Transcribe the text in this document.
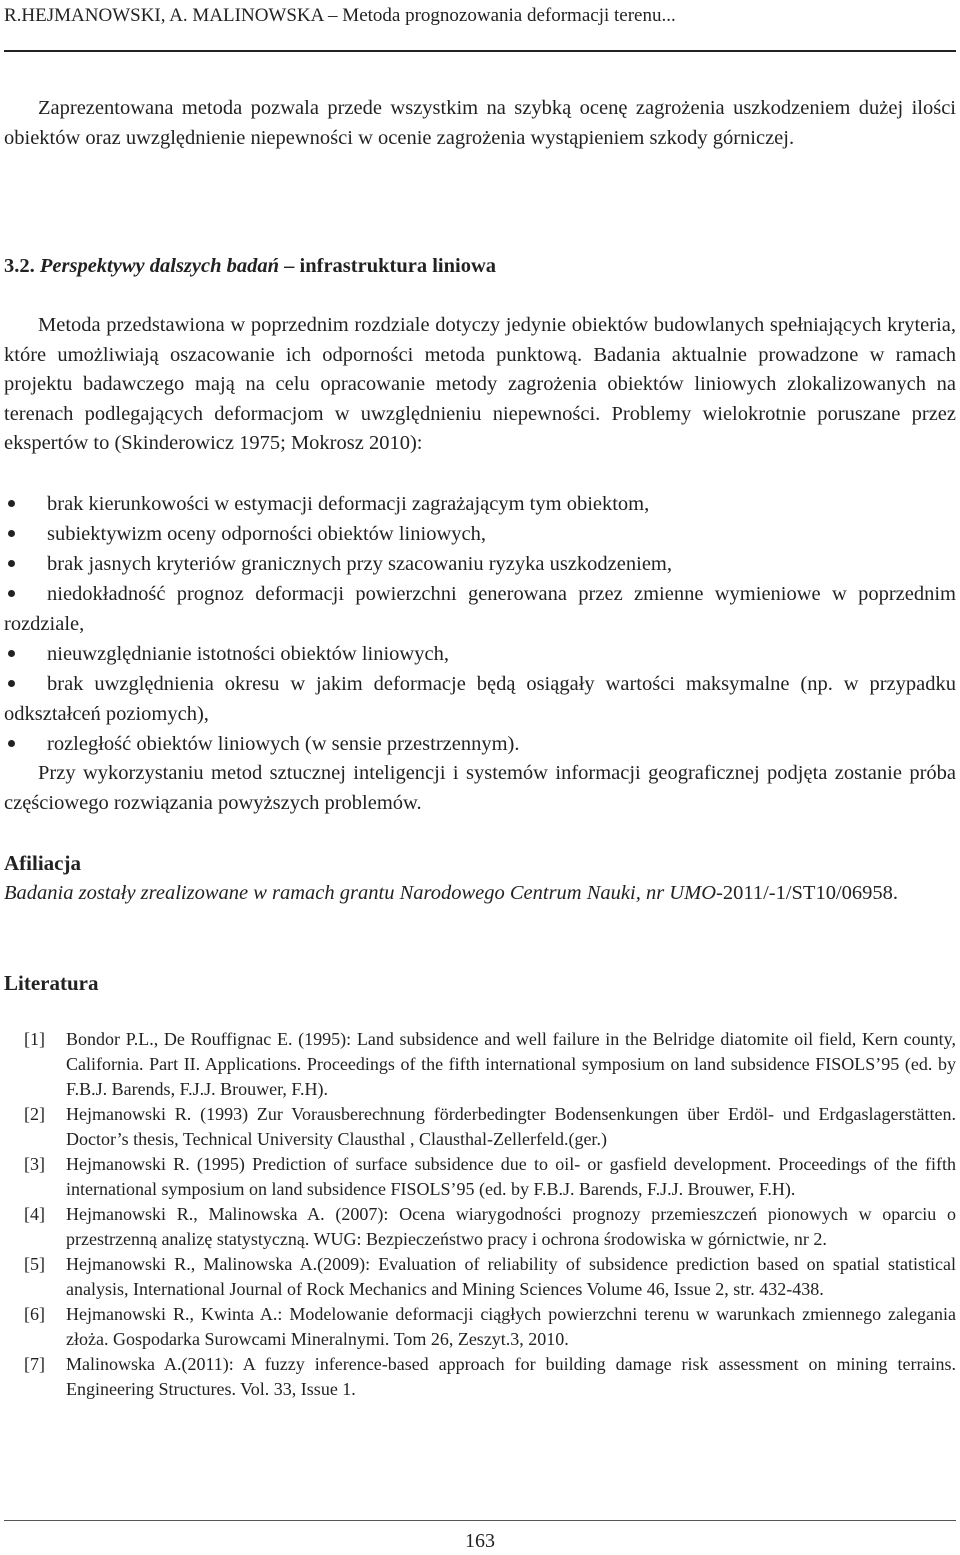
R.HEJMANOWSKI, A. MALINOWSKA – Metoda prognozowania deformacji terenu...
Zaprezentowana metoda pozwala przede wszystkim na szybką ocenę zagrożenia uszkodzeniem dużej ilości obiektów oraz uwzględnienie niepewności w ocenie zagrożenia wystąpieniem szkody górniczej.
3.2. Perspektywy dalszych badań – infrastruktura liniowa
Metoda przedstawiona w poprzednim rozdziale dotyczy jedynie obiektów budowlanych spełniających kryteria, które umożliwiają oszacowanie ich odporności metoda punktową. Badania aktualnie prowadzone w ramach projektu badawczego mają na celu opracowanie metody zagrożenia obiektów liniowych zlokalizowanych na terenach podlegających deformacjom w uwzględnieniu niepewności. Problemy wielokrotnie poruszane przez ekspertów to (Skinderowicz 1975; Mokrosz 2010):
brak kierunkowości w estymacji deformacji zagrażającym tym obiektom,
subiektywizm oceny odporności obiektów liniowych,
brak jasnych kryteriów granicznych przy szacowaniu ryzyka uszkodzeniem,
niedokładność prognoz deformacji powierzchni generowana przez zmienne wymieniowe w poprzednim rozdziale,
nieuwzględnianie istotności obiektów liniowych,
brak uwzględnienia okresu w jakim deformacje będą osiągały wartości maksymalne (np. w przypadku odkształceń poziomych),
rozległość obiektów liniowych (w sensie przestrzennym).
Przy wykorzystaniu metod sztucznej inteligencji i systemów informacji geograficznej podjęta zostanie próba częściowego rozwiązania powyższych problemów.
Afiliacja
Badania zostały zrealizowane w ramach grantu Narodowego Centrum Nauki, nr UMO-2011/-1/ST10/06958.
Literatura
[1]	Bondor P.L., De Rouffignac E. (1995): Land subsidence and well failure in the Belridge diatomite oil field, Kern county, California. Part II. Applications. Proceedings of the fifth international symposium on land subsidence FISOLS’95 (ed. by F.B.J. Barends, F.J.J. Brouwer, F.H).
[2]	Hejmanowski R. (1993) Zur Vorausberechnung förderbedingter Bodensenkungen über Erdöl- und Erdgaslagerstätten. Doctor’s thesis, Technical University Clausthal , Clausthal-Zellerfeld.(ger.)
[3]	Hejmanowski R. (1995) Prediction of surface subsidence due to oil- or gasfield development. Proceedings of the fifth international symposium on land subsidence FISOLS’95 (ed. by F.B.J. Barends, F.J.J. Brouwer, F.H).
[4]	Hejmanowski R., Malinowska A. (2007): Ocena wiarygodności prognozy przemieszczeń pionowych w oparciu o przestrzenną analizę statystyczną. WUG: Bezpieczeństwo pracy i ochrona środowiska w górnictwie, nr 2.
[5]	Hejmanowski R., Malinowska A.(2009): Evaluation of reliability of subsidence prediction based on spatial statistical analysis, International Journal of Rock Mechanics and Mining Sciences Volume 46, Issue 2, str. 432-438.
[6]	Hejmanowski R., Kwinta A.: Modelowanie deformacji ciągłych powierzchni terenu w warunkach zmiennego zalegania złoża. Gospodarka Surowcami Mineralnymi. Tom 26, Zeszyt.3, 2010.
[7]	Malinowska A.(2011): A fuzzy inference-based approach for building damage risk assessment on mining terrains. Engineering Structures. Vol. 33, Issue 1.
163
